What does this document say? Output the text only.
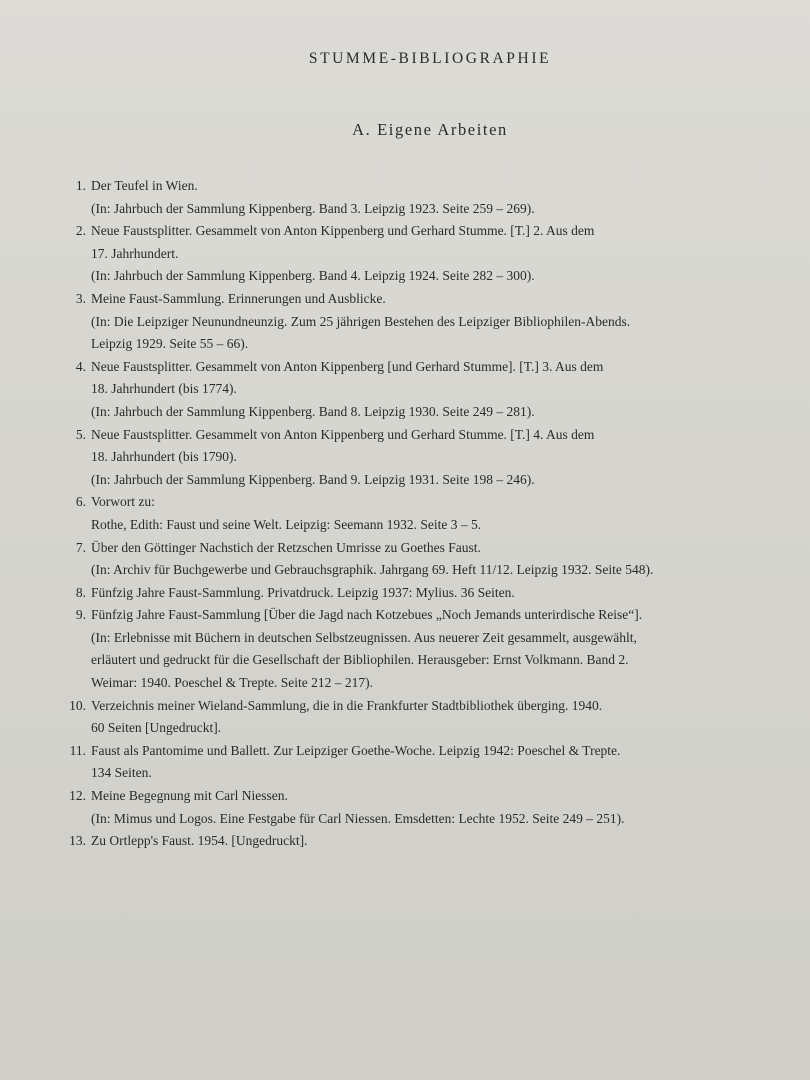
STUMME-BIBLIOGRAPHIE
A. Eigene Arbeiten
1. Der Teufel in Wien.
(In: Jahrbuch der Sammlung Kippenberg. Band 3. Leipzig 1923. Seite 259 – 269).
2. Neue Faustsplitter. Gesammelt von Anton Kippenberg und Gerhard Stumme. [T.] 2. Aus dem
17. Jahrhundert.
(In: Jahrbuch der Sammlung Kippenberg. Band 4. Leipzig 1924. Seite 282 – 300).
3. Meine Faust-Sammlung. Erinnerungen und Ausblicke.
(In: Die Leipziger Neunundneunzig. Zum 25 jährigen Bestehen des Leipziger Bibliophilen-Abends.
Leipzig 1929. Seite 55 – 66).
4. Neue Faustsplitter. Gesammelt von Anton Kippenberg [und Gerhard Stumme]. [T.] 3. Aus dem
18. Jahrhundert (bis 1774).
(In: Jahrbuch der Sammlung Kippenberg. Band 8. Leipzig 1930. Seite 249 – 281).
5. Neue Faustsplitter. Gesammelt von Anton Kippenberg und Gerhard Stumme. [T.] 4. Aus dem
18. Jahrhundert (bis 1790).
(In: Jahrbuch der Sammlung Kippenberg. Band 9. Leipzig 1931. Seite 198 – 246).
6. Vorwort zu:
Rothe, Edith: Faust und seine Welt. Leipzig: Seemann 1932. Seite 3 – 5.
7. Über den Göttinger Nachstich der Retzschen Umrisse zu Goethes Faust.
(In: Archiv für Buchgewerbe und Gebrauchsgraphik. Jahrgang 69. Heft 11/12. Leipzig 1932. Seite 548).
8. Fünfzig Jahre Faust-Sammlung. Privatdruck. Leipzig 1937: Mylius. 36 Seiten.
9. Fünfzig Jahre Faust-Sammlung [Über die Jagd nach Kotzebues „Noch Jemands unterirdische Reise“].
(In: Erlebnisse mit Büchern in deutschen Selbstzeugnissen. Aus neuerer Zeit gesammelt, ausgewählt,
erläutert und gedruckt für die Gesellschaft der Bibliophilen. Herausgeber: Ernst Volkmann. Band 2.
Weimar: 1940. Poeschel & Trepte. Seite 212 – 217).
10. Verzeichnis meiner Wieland-Sammlung, die in die Frankfurter Stadtbibliothek überging. 1940.
60 Seiten [Ungedruckt].
11. Faust als Pantomime und Ballett. Zur Leipziger Goethe-Woche. Leipzig 1942: Poeschel & Trepte.
134 Seiten.
12. Meine Begegnung mit Carl Niessen.
(In: Mimus und Logos. Eine Festgabe für Carl Niessen. Emsdetten: Lechte 1952. Seite 249 – 251).
13. Zu Ortlepp's Faust. 1954. [Ungedruckt].
